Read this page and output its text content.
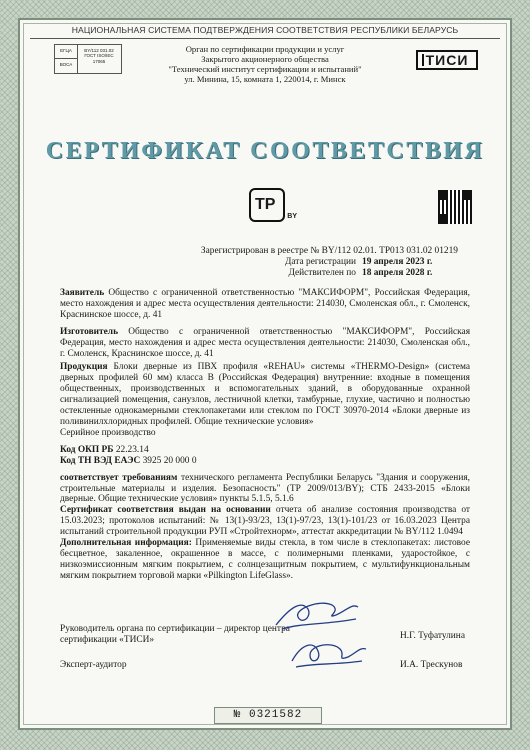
НАЦИОНАЛЬНАЯ СИСТЕМА ПОДТВЕРЖДЕНИЯ СООТВЕТСТВИЯ РЕСПУБЛИКИ БЕЛАРУСЬ
ЕГЦА
ВОСА
BY/112 031.02 ГОСТ ISO/IEC 17065
Орган по сертификации продукции и услуг
Закрытого акционерного общества
"Технический институт сертификации и испытаний"
ул. Минина, 15, комната 1, 220014, г. Минск
ТИСИ
СЕРТИФИКАТ СООТВЕТСТВИЯ
TP
BY
Зарегистрирован в реестре № BY/112 02.01. ТР013 031.02 01219
Дата регистрации 19 апреля 2023 г.
Действителен по 18 апреля 2028 г.

Заявитель Общество с ограниченной ответственностью "МАКСИФОРМ", Российская Федерация, место нахождения и адрес места осуществления деятельности: 214030, Смоленская обл., г. Смоленск, Краснинское шоссе, д. 41

Изготовитель Общество с ограниченной ответственностью "МАКСИФОРМ", Российская Федерация, место нахождения и адрес места осуществления деятельности: 214030, Смоленская обл., г. Смоленск, Краснинское шоссе, д. 41

Продукция Блоки дверные из ПВХ профиля «REHAU» системы «THERMO-Design» (система дверных профилей 60 мм) класса В (Российская Федерация) внутренние: входные в помещения общественных, производственных и вспомогательных зданий, в оборудованные охранной сигнализацией помещения, санузлов, лестничной клетки, тамбурные, глухие, частично и полностью остекленные однокамерными стеклопакетами или стеклом по ГОСТ 30970-2014 «Блоки дверные из поливинилхлоридных профилей. Общие технические условия»

Серийное производство

Код ОКП РБ 22.23.14

Код ТН ВЭД ЕАЭС 3925 20 000 0

соответствует требованиям технического регламента Республики Беларусь "Здания и сооружения, строительные материалы и изделия. Безопасность" (ТР 2009/013/BY); СТБ 2433-2015 «Блоки дверные. Общие технические условия» пункты 5.1.5, 5.1.6

Сертификат соответствия выдан на основании отчета об анализе состояния производства от 15.03.2023; протоколов испытаний: № 13(1)-93/23, 13(1)-97/23, 13(1)-101/23 от 16.03.2023 Центра испытаний строительной продукции РУП «Стройтехнорм», аттестат аккредитации № BY/112 1.0494

Дополнительная информация: Применяемые виды стекла, в том числе в стеклопакетах: листовое бесцветное, закаленное, окрашенное в массе, с полимерными пленками, ударостойкое, с низкоэмиссионным мягким покрытием, с солнцезащитным покрытием, с мультифункциональным мягким покрытием торговой марки «Pilkington LifeGlass».

Руководитель органа по сертификации – директор центра сертификации «ТИСИ»	Н.Г. Туфатулина
Эксперт-аудитор	И.А. Трескунов
№ 0321582
